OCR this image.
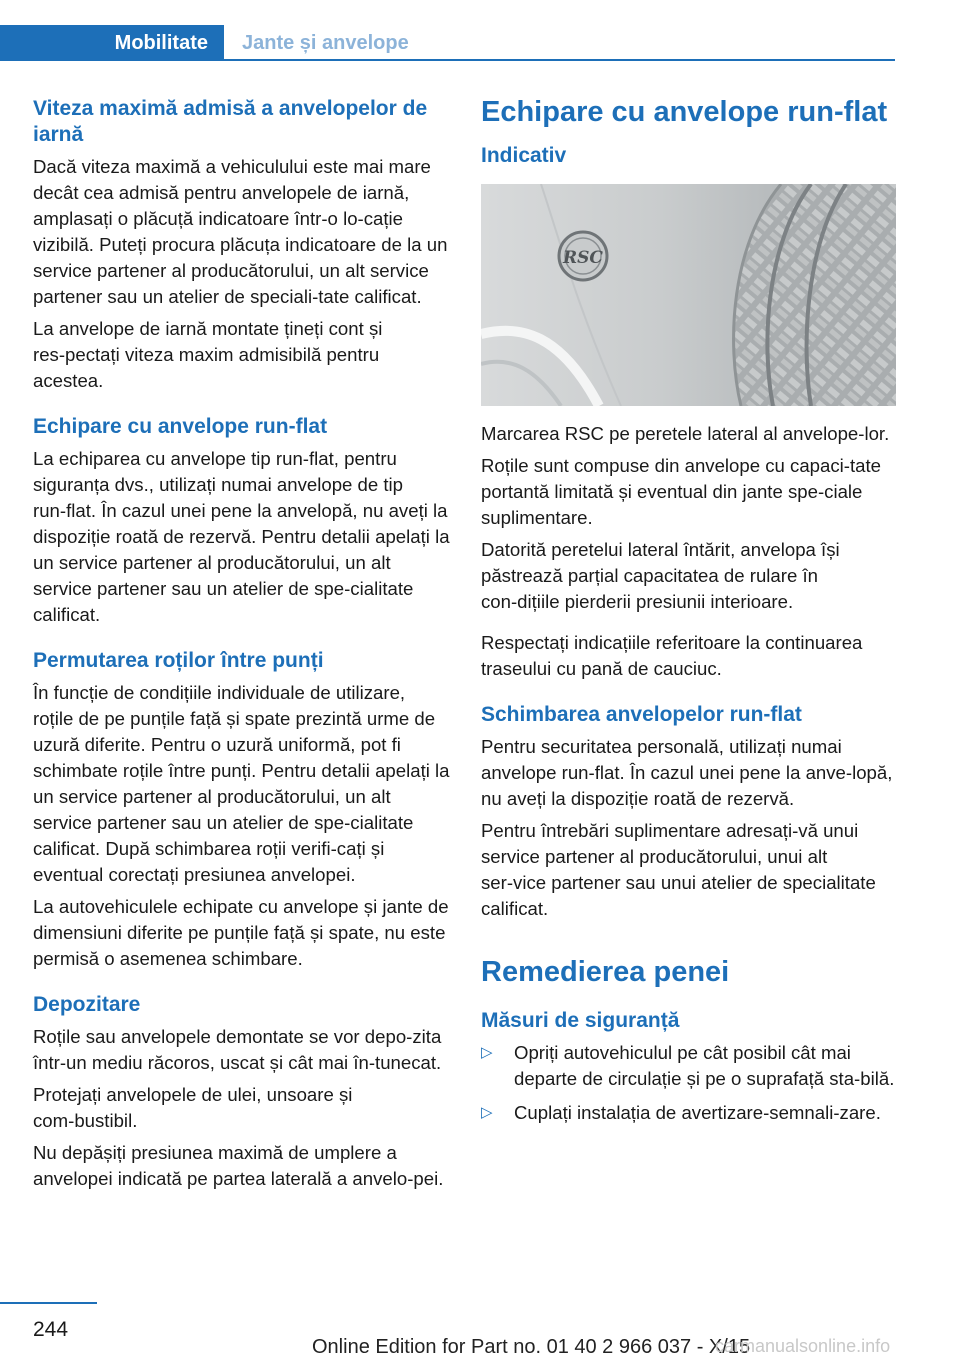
Mobilitate	Jante și anvelope
Viteza maximă admisă a anvelopelor de iarnă

Dacă viteza maximă a vehiculului este mai mare decât cea admisă pentru anvelopele de iarnă, amplasați o plăcuță indicatoare într‑o lo‑cație vizibilă. Puteți procura plăcuța indicatoare de la un service partener al producătorului, un alt service partener sau un atelier de speciali‑tate calificat.

La anvelope de iarnă montate țineți cont și res‑pectați viteza maxim admisibilă pentru acestea.

Echipare cu anvelope run‑flat

La echiparea cu anvelope tip run‑flat, pentru siguranța dvs., utilizați numai anvelope de tip run‑flat. În cazul unei pene la anvelopă, nu aveți la dispoziție roată de rezervă. Pentru detalii apelați la un service partener al producătorului, un alt service partener sau un atelier de spe‑cialitate calificat.

Permutarea roților între punți

În funcție de condițiile individuale de utilizare, roțile de pe punțile față și spate prezintă urme de uzură diferite. Pentru o uzură uniformă, pot fi schimbate roțile între punți. Pentru detalii apelați la un service partener al producătorului, un alt service partener sau un atelier de spe‑cialitate calificat. După schimbarea roții verifi‑cați și eventual corectați presiunea anvelopei.

La autovehiculele echipate cu anvelope și jante de dimensiuni diferite pe punțile față și spate, nu este permisă o asemenea schimbare.

Depozitare

Roțile sau anvelopele demontate se vor depo‑zita într‑un mediu răcoros, uscat și cât mai în‑tunecat.

Protejați anvelopele de ulei, unsoare și com‑bustibil.

Nu depășiți presiunea maximă de umplere a anvelopei indicată pe partea laterală a anvelo‑pei.

Echipare cu anvelope run‑flat
Indicativ
RSC

Marcarea RSC pe peretele lateral al anvelope‑lor.

Roțile sunt compuse din anvelope cu capaci‑tate portantă limitată și eventual din jante spe‑ciale suplimentare.

Datorită peretelui lateral întărit, anvelopa își păstrează parțial capacitatea de rulare în con‑dițiile pierderii presiunii interioare.

Respectați indicațiile referitoare la continuarea traseului cu pană de cauciuc.

Schimbarea anvelopelor run‑flat

Pentru securitatea personală, utilizați numai anvelope run‑flat. În cazul unei pene la anve‑lopă, nu aveți la dispoziție roată de rezervă.

Pentru întrebări suplimentare adresați‑vă unui service partener al producătorului, unui alt ser‑vice partener sau unui atelier de specialitate calificat.

Remedierea penei
Măsuri de siguranță
▷ Opriți autovehiculul pe cât posibil cât mai departe de circulație și pe o suprafață sta‑bilă.
▷ Cuplați instalația de avertizare‑semnali‑zare.
244
Online Edition for Part no. 01 40 2 966 037 - X/15
carmanualsonline.info
